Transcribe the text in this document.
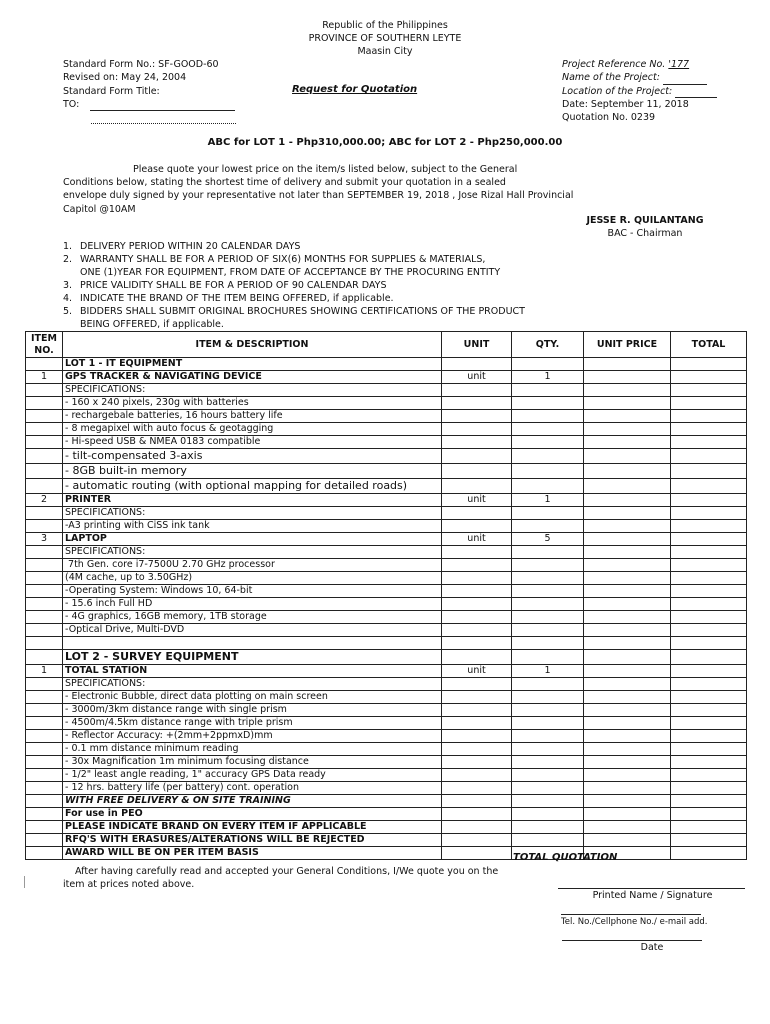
Republic of the Philippines
PROVINCE OF SOUTHERN LEYTE
Maasin City
Standard Form No.: SF-GOOD-60
Revised on: May 24, 2004
Standard Form Title:
TO:
Request for Quotation
Project Reference No. '177
Name of the Project:
Location of the Project:
Date: September 11, 2018
Quotation No. 0239
ABC for LOT 1 - Php310,000.00; ABC for LOT 2 - Php250,000.00
Please quote your lowest price on the item/s listed below, subject to the General
Conditions below, stating the shortest time of delivery and submit your quotation in a sealed
envelope duly signed by your representative not later than SEPTEMBER 19, 2018 , Jose Rizal Hall Provincial
Capitol @10AM
JESSE R. QUILANTANG
BAC - Chairman
1. DELIVERY PERIOD WITHIN 20 CALENDAR DAYS
2. WARRANTY SHALL BE FOR A PERIOD OF SIX(6) MONTHS FOR SUPPLIES & MATERIALS,
ONE (1)YEAR FOR EQUIPMENT, FROM DATE OF ACCEPTANCE BY THE PROCURING ENTITY
3. PRICE VALIDITY SHALL BE FOR A PERIOD OF 90 CALENDAR DAYS
4. INDICATE THE BRAND OF THE ITEM BEING OFFERED, if applicable.
5. BIDDERS SHALL SUBMIT ORIGINAL BROCHURES SHOWING CERTIFICATIONS OF THE PRODUCT
BEING OFFERED, if applicable.
ITEM NO.	ITEM & DESCRIPTION	UNIT	QTY.	UNIT PRICE	TOTAL
	LOT 1 - IT EQUIPMENT				
1	GPS TRACKER & NAVIGATING DEVICE	unit	1		
	SPECIFICATIONS:				
	- 160 x 240 pixels, 230g with batteries				
	- rechargebale batteries, 16 hours battery life				
	- 8 megapixel with auto focus & geotagging				
	- Hi-speed USB & NMEA 0183 compatible				
	- tilt-compensated 3-axis				
	- 8GB built-in memory				
	- automatic routing (with optional mapping for detailed roads)				
2	PRINTER	unit	1		
	SPECIFICATIONS:				
	-A3 printing with CiSS ink tank				
3	LAPTOP	unit	5		
	SPECIFICATIONS:				
	7th Gen. core i7-7500U 2.70 GHz processor				
	(4M cache, up to 3.50GHz)				
	-Operating System: Windows 10, 64-bit				
	- 15.6 inch Full HD				
	- 4G graphics, 16GB memory, 1TB storage				
	-Optical Drive, Multi-DVD				

	LOT 2 - SURVEY EQUIPMENT				
1	TOTAL STATION	unit	1		
	SPECIFICATIONS:				
	- Electronic Bubble, direct data plotting on main screen				
	- 3000m/3km distance range with single prism				
	- 4500m/4.5km distance range with triple prism				
	- Reflector Accuracy: +(2mm+2ppmxD)mm				
	- 0.1 mm distance minimum reading				
	- 30x Magnification 1m minimum focusing distance				
	- 1/2" least angle reading, 1" accuracy GPS Data ready				
	- 12 hrs. battery life (per battery) cont. operation				
	WITH FREE DELIVERY & ON SITE TRAINING				
	For use in PEO				
	PLEASE INDICATE BRAND ON EVERY ITEM IF APPLICABLE				
	RFQ'S WITH ERASURES/ALTERATIONS WILL BE REJECTED				
	AWARD WILL BE ON PER ITEM BASIS					TOTAL QUOTATION
After having carefully read and accepted your General Conditions, I/We quote you on the
item at prices noted above.
Printed Name / Signature
Tel. No./Cellphone No./ e-mail add.
Date
